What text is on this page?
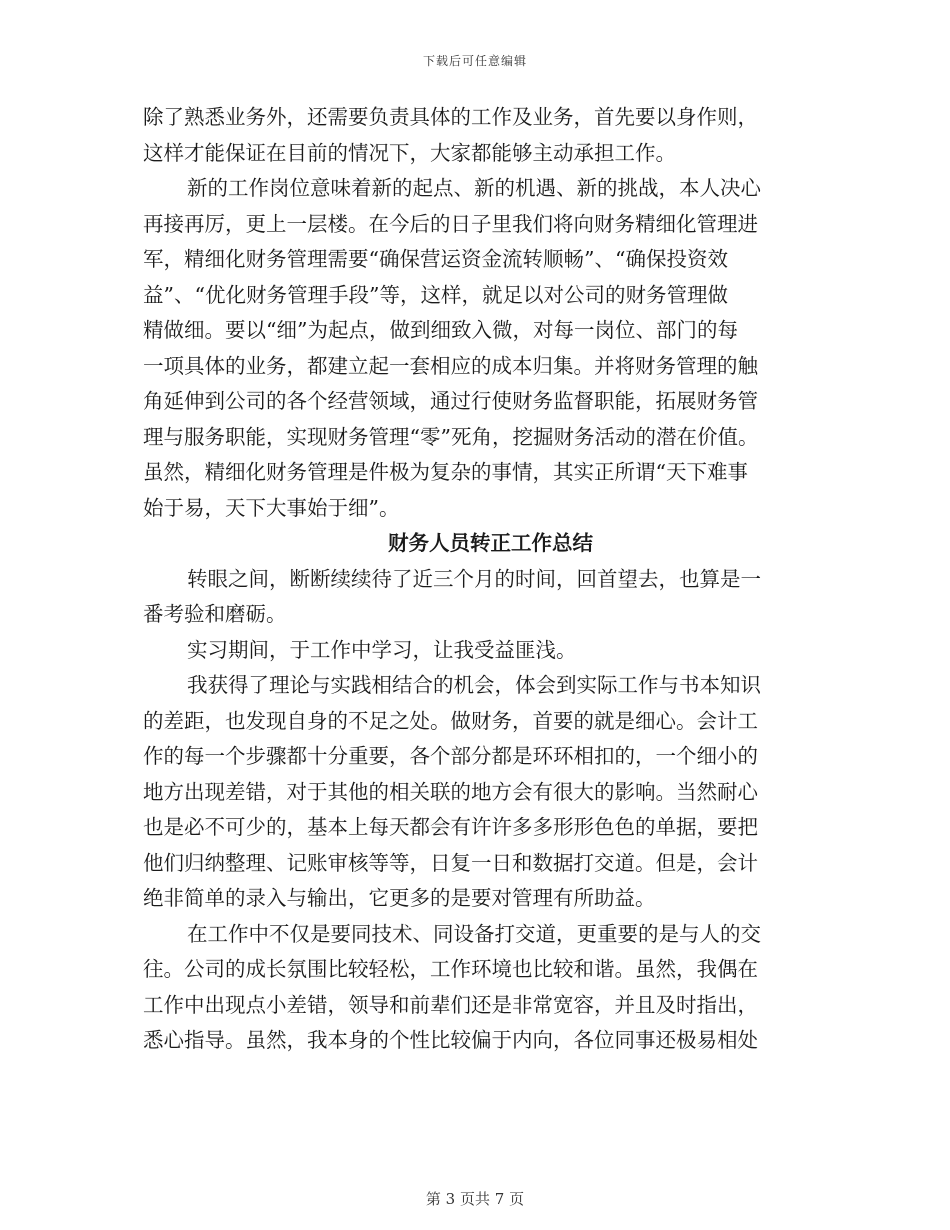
下载后可任意编辑
除了熟悉业务外，还需要负责具体的工作及业务，首先要以身作则，
这样才能保证在目前的情况下，大家都能够主动承担工作。
新的工作岗位意味着新的起点、新的机遇、新的挑战，本人决心
再接再厉，更上一层楼。在今后的日子里我们将向财务精细化管理进
军，精细化财务管理需要“确保营运资金流转顺畅”、“确保投资效
益”、“优化财务管理手段”等，这样，就足以对公司的财务管理做
精做细。要以“细”为起点，做到细致入微，对每一岗位、部门的每
一项具体的业务，都建立起一套相应的成本归集。并将财务管理的触
角延伸到公司的各个经营领域，通过行使财务监督职能，拓展财务管
理与服务职能，实现财务管理“零”死角，挖掘财务活动的潜在价值。
虽然，精细化财务管理是件极为复杂的事情，其实正所谓“天下难事
始于易，天下大事始于细”。
财务人员转正工作总结
转眼之间，断断续续待了近三个月的时间，回首望去，也算是一
番考验和磨砺。
实习期间，于工作中学习，让我受益匪浅。
我获得了理论与实践相结合的机会，体会到实际工作与书本知识
的差距，也发现自身的不足之处。做财务，首要的就是细心。会计工
作的每一个步骤都十分重要，各个部分都是环环相扣的，一个细小的
地方出现差错，对于其他的相关联的地方会有很大的影响。当然耐心
也是必不可少的，基本上每天都会有许许多多形形色色的单据，要把
他们归纳整理、记账审核等等，日复一日和数据打交道。但是，会计
绝非简单的录入与输出，它更多的是要对管理有所助益。
在工作中不仅是要同技术、同设备打交道，更重要的是与人的交
往。公司的成长氛围比较轻松，工作环境也比较和谐。虽然，我偶在
工作中出现点小差错，领导和前辈们还是非常宽容，并且及时指出，
悉心指导。虽然，我本身的个性比较偏于内向，各位同事还极易相处
第 3 页共 7 页
